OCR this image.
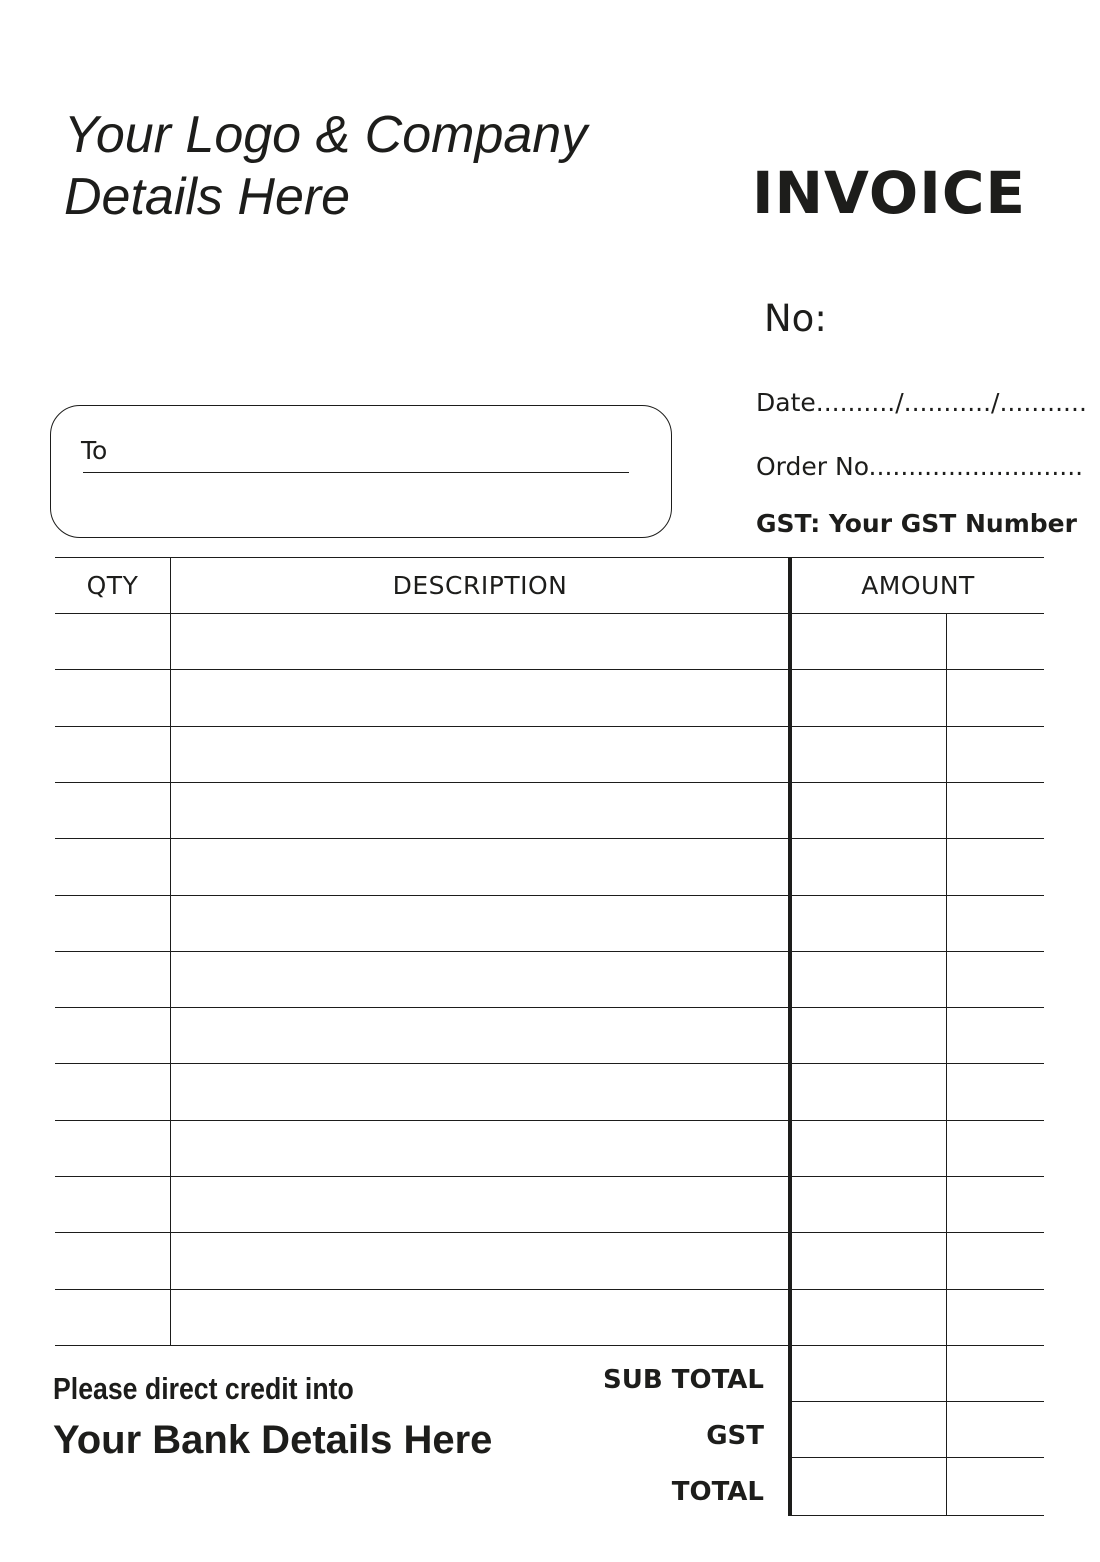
Your Logo & Company
Details Here	INVOICE
No:
Date........../.........../...........
Order No...........................
GST: Your GST Number
To
QTY	DESCRIPTION	AMOUNT
Please direct credit into
Your Bank Details Here
SUB TOTAL
GST
TOTAL
